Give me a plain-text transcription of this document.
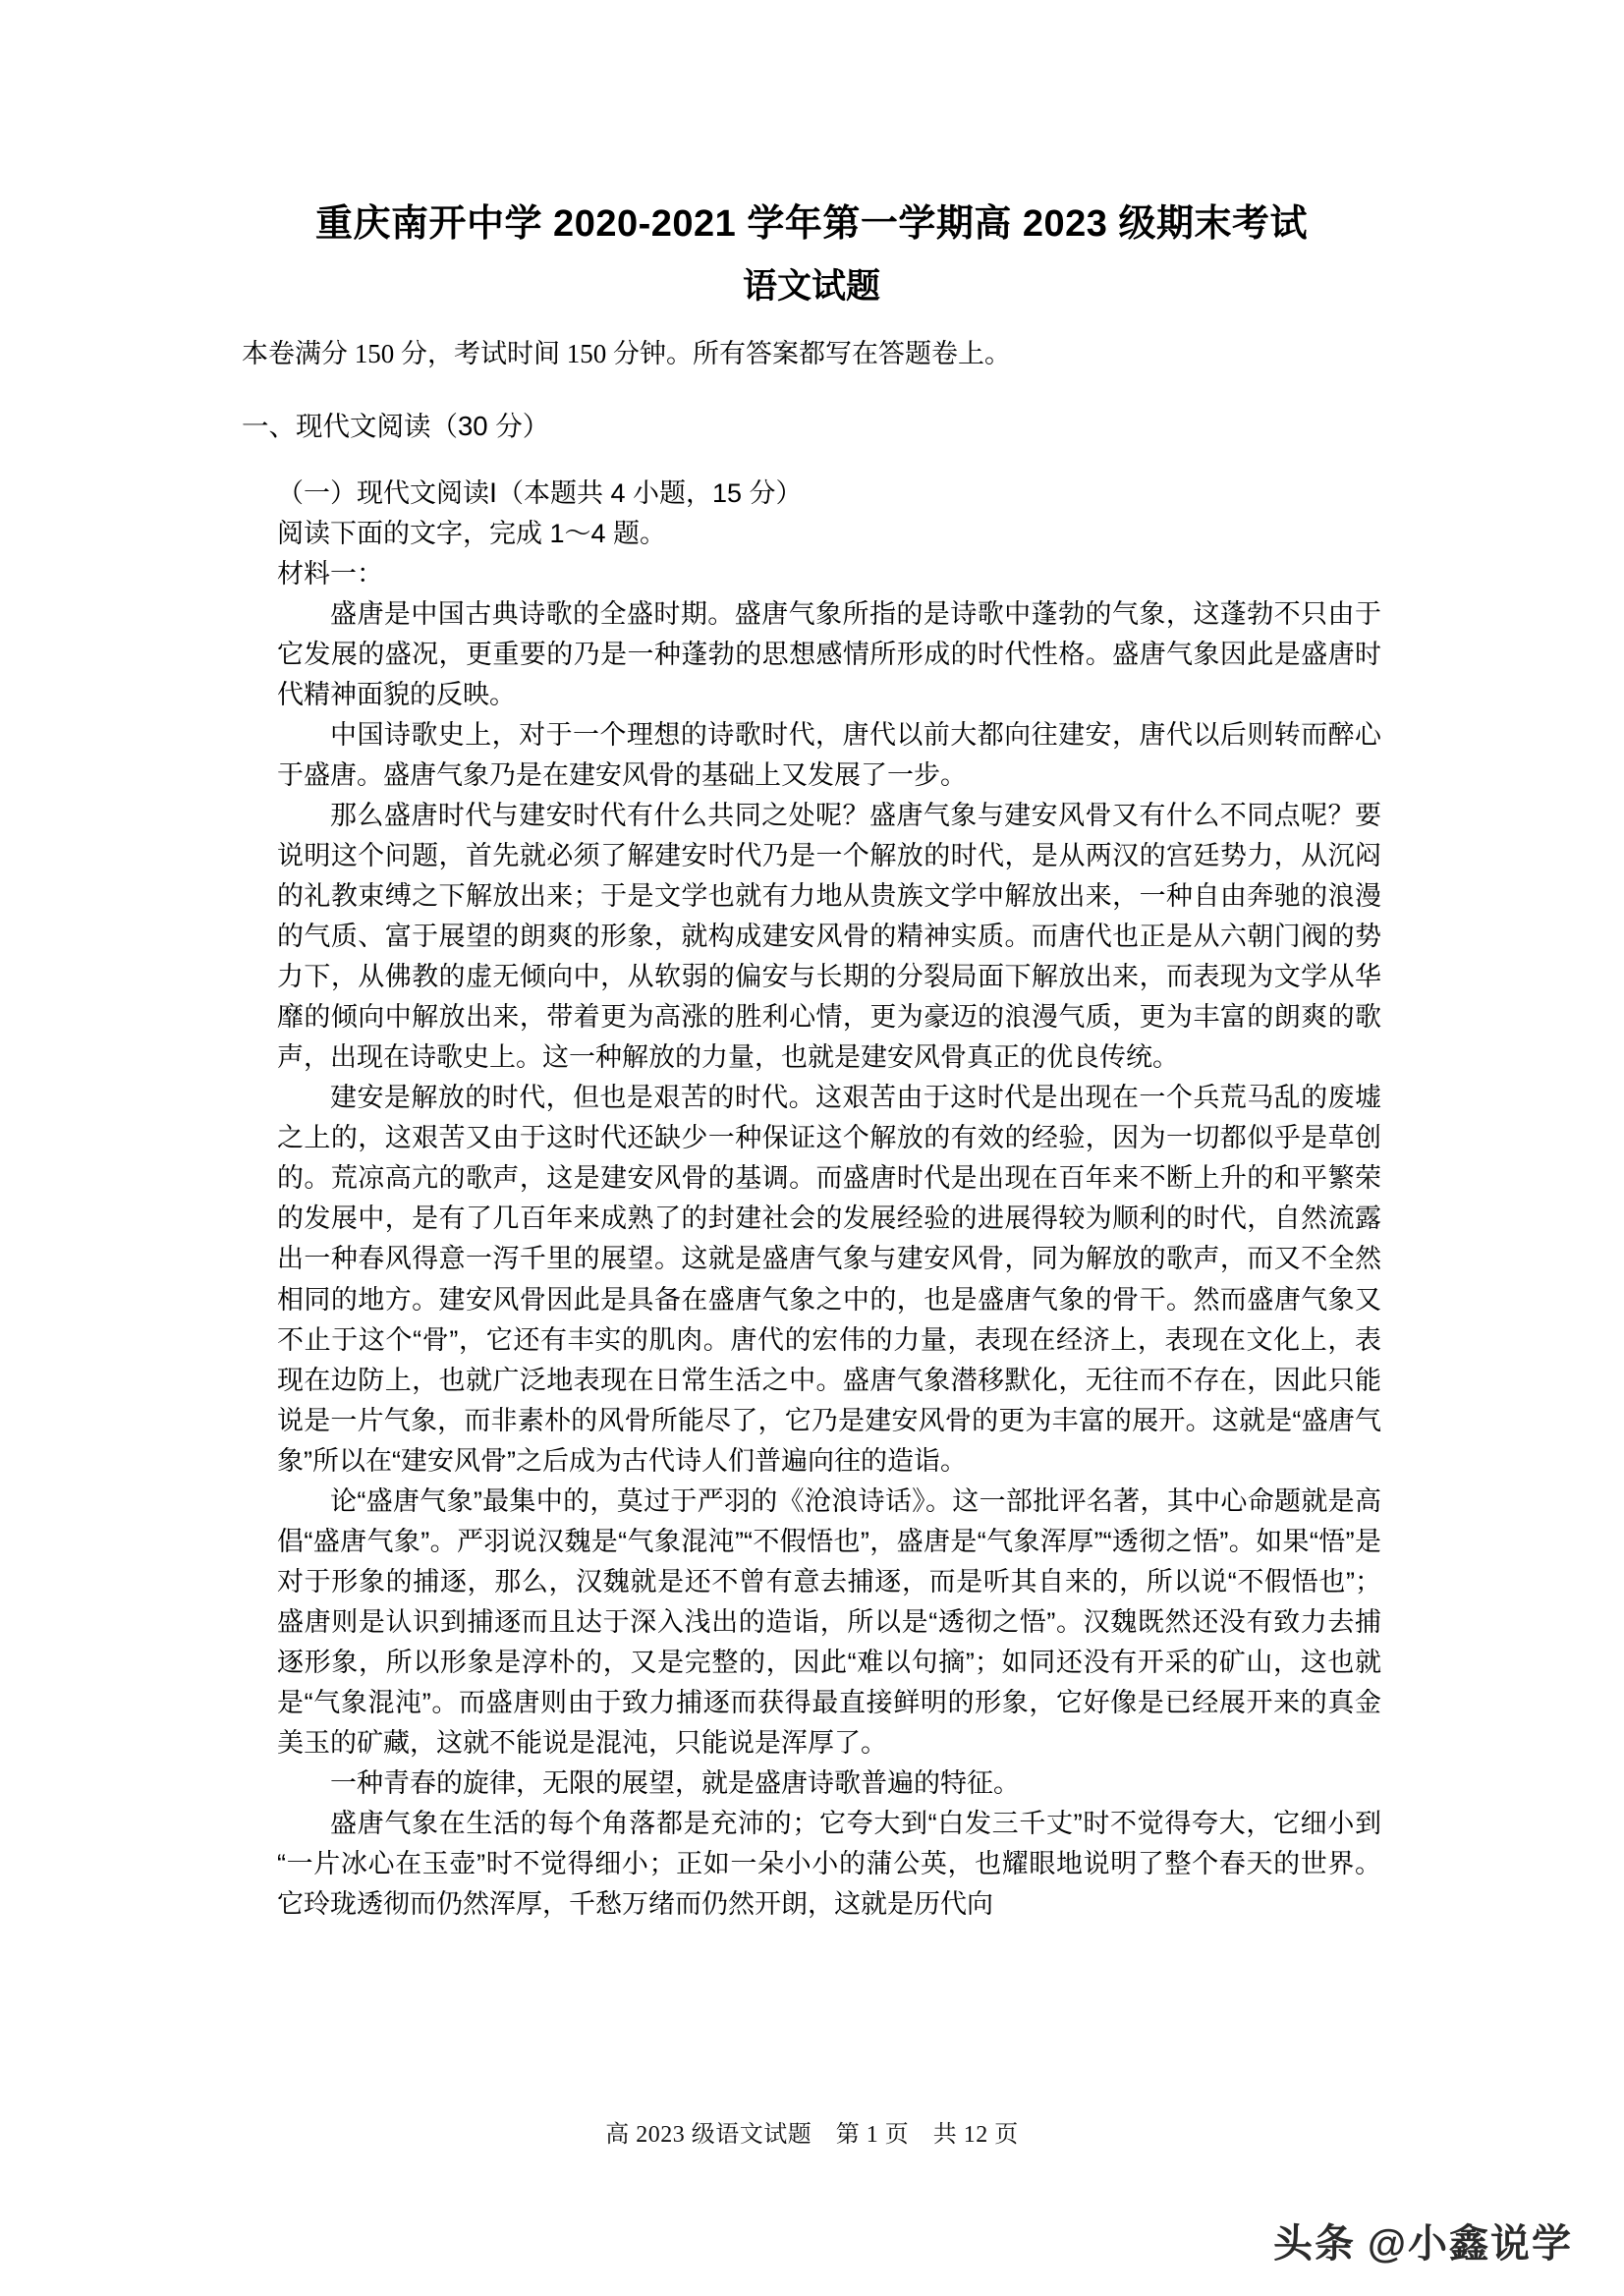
重庆南开中学 2020-2021 学年第一学期高 2023 级期末考试
语文试题

本卷满分 150 分，考试时间 150 分钟。所有答案都写在答题卷上。

一、现代文阅读（30 分）

（一）现代文阅读Ⅰ（本题共 4 小题，15 分）

阅读下面的文字，完成 1～4 题。

材料一：

盛唐是中国古典诗歌的全盛时期。盛唐气象所指的是诗歌中蓬勃的气象，这蓬勃不只由于它发展的盛况，更重要的乃是一种蓬勃的思想感情所形成的时代性格。盛唐气象因此是盛唐时代精神面貌的反映。

中国诗歌史上，对于一个理想的诗歌时代，唐代以前大都向往建安，唐代以后则转而醉心于盛唐。盛唐气象乃是在建安风骨的基础上又发展了一步。

那么盛唐时代与建安时代有什么共同之处呢？盛唐气象与建安风骨又有什么不同点呢？要说明这个问题，首先就必须了解建安时代乃是一个解放的时代，是从两汉的宫廷势力，从沉闷的礼教束缚之下解放出来；于是文学也就有力地从贵族文学中解放出来，一种自由奔驰的浪漫的气质、富于展望的朗爽的形象，就构成建安风骨的精神实质。而唐代也正是从六朝门阀的势力下，从佛教的虚无倾向中，从软弱的偏安与长期的分裂局面下解放出来，而表现为文学从华靡的倾向中解放出来，带着更为高涨的胜利心情，更为豪迈的浪漫气质，更为丰富的朗爽的歌声，出现在诗歌史上。这一种解放的力量，也就是建安风骨真正的优良传统。

建安是解放的时代，但也是艰苦的时代。这艰苦由于这时代是出现在一个兵荒马乱的废墟之上的，这艰苦又由于这时代还缺少一种保证这个解放的有效的经验，因为一切都似乎是草创的。荒凉高亢的歌声，这是建安风骨的基调。而盛唐时代是出现在百年来不断上升的和平繁荣的发展中，是有了几百年来成熟了的封建社会的发展经验的进展得较为顺利的时代，自然流露出一种春风得意一泻千里的展望。这就是盛唐气象与建安风骨，同为解放的歌声，而又不全然相同的地方。建安风骨因此是具备在盛唐气象之中的，也是盛唐气象的骨干。然而盛唐气象又不止于这个“骨”，它还有丰实的肌肉。唐代的宏伟的力量，表现在经济上，表现在文化上，表现在边防上，也就广泛地表现在日常生活之中。盛唐气象潜移默化，无往而不存在，因此只能说是一片气象，而非素朴的风骨所能尽了，它乃是建安风骨的更为丰富的展开。这就是“盛唐气象”所以在“建安风骨”之后成为古代诗人们普遍向往的造诣。

论“盛唐气象”最集中的，莫过于严羽的《沧浪诗话》。这一部批评名著，其中心命题就是高倡“盛唐气象”。严羽说汉魏是“气象混沌”“不假悟也”，盛唐是“气象浑厚”“透彻之悟”。如果“悟”是对于形象的捕逐，那么，汉魏就是还不曾有意去捕逐，而是听其自来的，所以说“不假悟也”；盛唐则是认识到捕逐而且达于深入浅出的造诣，所以是“透彻之悟”。汉魏既然还没有致力去捕逐形象，所以形象是淳朴的，又是完整的，因此“难以句摘”；如同还没有开采的矿山，这也就是“气象混沌”。而盛唐则由于致力捕逐而获得最直接鲜明的形象，它好像是已经展开来的真金美玉的矿藏，这就不能说是混沌，只能说是浑厚了。

一种青春的旋律，无限的展望，就是盛唐诗歌普遍的特征。

盛唐气象在生活的每个角落都是充沛的；它夸大到“白发三千丈”时不觉得夸大，它细小到“一片冰心在玉壶”时不觉得细小；正如一朵小小的蒲公英，也耀眼地说明了整个春天的世界。它玲珑透彻而仍然浑厚，千愁万绪而仍然开朗，这就是历代向

高 2023 级语文试题　第 1 页　共 12 页
头条 @小鑫说学
